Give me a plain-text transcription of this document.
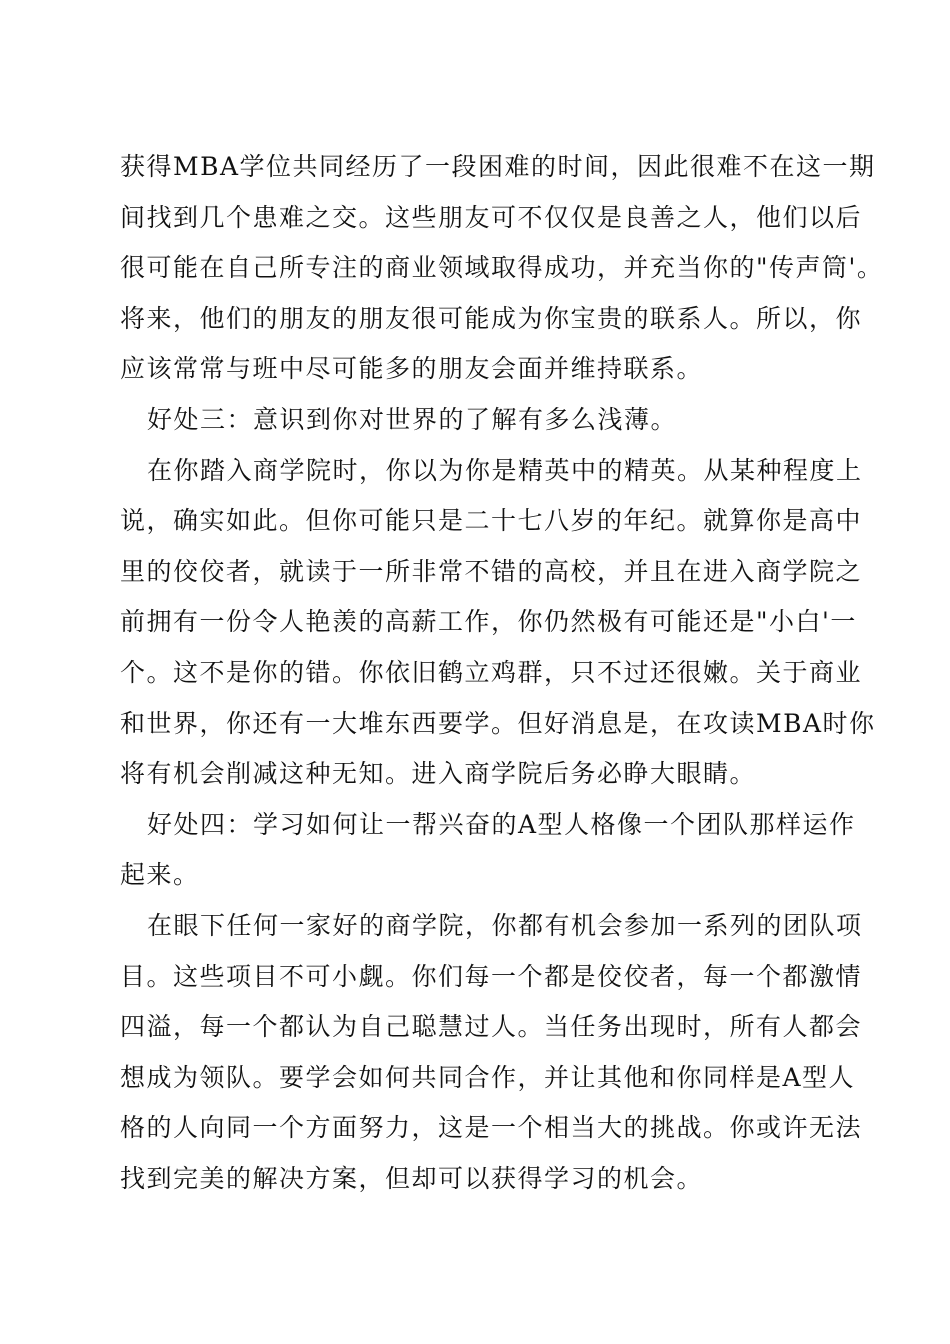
获得MBA学位共同经历了一段困难的时间，因此很难不在这一期
间找到几个患难之交。这些朋友可不仅仅是良善之人，他们以后
很可能在自己所专注的商业领域取得成功，并充当你的"传声筒'。
将来，他们的朋友的朋友很可能成为你宝贵的联系人。所以，你
应该常常与班中尽可能多的朋友会面并维持联系。
好处三：意识到你对世界的了解有多么浅薄。
在你踏入商学院时，你以为你是精英中的精英。从某种程度上
说，确实如此。但你可能只是二十七八岁的年纪。就算你是高中
里的佼佼者，就读于一所非常不错的高校，并且在进入商学院之
前拥有一份令人艳羡的高薪工作，你仍然极有可能还是"小白'一
个。这不是你的错。你依旧鹤立鸡群，只不过还很嫩。关于商业
和世界，你还有一大堆东西要学。但好消息是，在攻读MBA时你
将有机会削减这种无知。进入商学院后务必睁大眼睛。
好处四：学习如何让一帮兴奋的A型人格像一个团队那样运作
起来。
在眼下任何一家好的商学院，你都有机会参加一系列的团队项
目。这些项目不可小觑。你们每一个都是佼佼者，每一个都激情
四溢，每一个都认为自己聪慧过人。当任务出现时，所有人都会
想成为领队。要学会如何共同合作，并让其他和你同样是A型人
格的人向同一个方面努力，这是一个相当大的挑战。你或许无法
找到完美的解决方案，但却可以获得学习的机会。
